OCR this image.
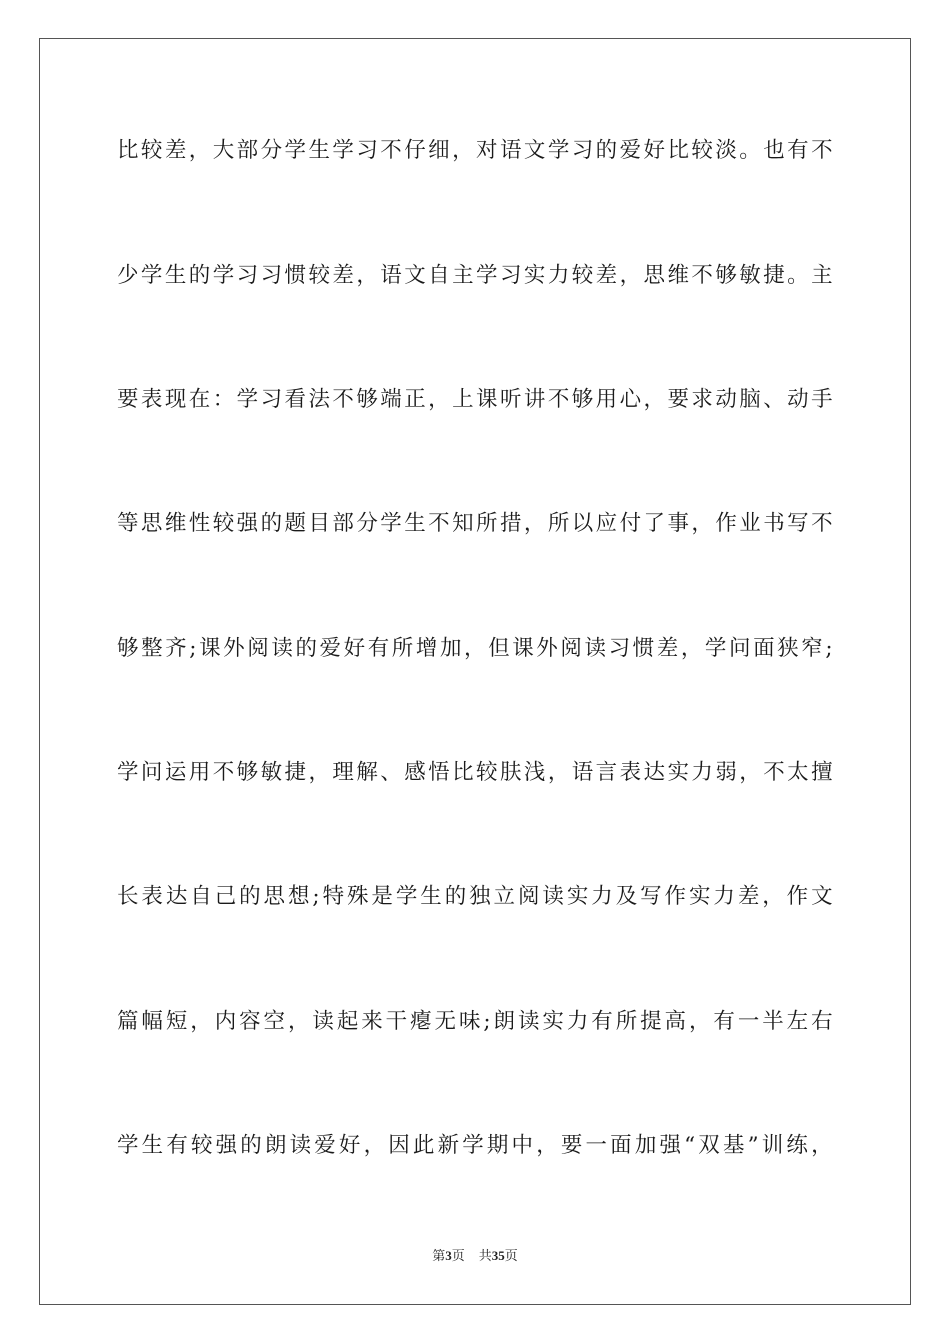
比较差，大部分学生学习不仔细，对语文学习的爱好比较淡。也有不
少学生的学习习惯较差，语文自主学习实力较差，思维不够敏捷。主
要表现在：学习看法不够端正，上课听讲不够用心，要求动脑、动手
等思维性较强的题目部分学生不知所措，所以应付了事，作业书写不
够整齐;课外阅读的爱好有所增加，但课外阅读习惯差，学问面狭窄;
学问运用不够敏捷，理解、感悟比较肤浅，语言表达实力弱，不太擅
长表达自己的思想;特殊是学生的独立阅读实力及写作实力差，作文
篇幅短，内容空，读起来干瘪无味;朗读实力有所提高，有一半左右
学生有较强的朗读爱好，因此新学期中，要一面加强“双基”训练，
第3页 共35页
